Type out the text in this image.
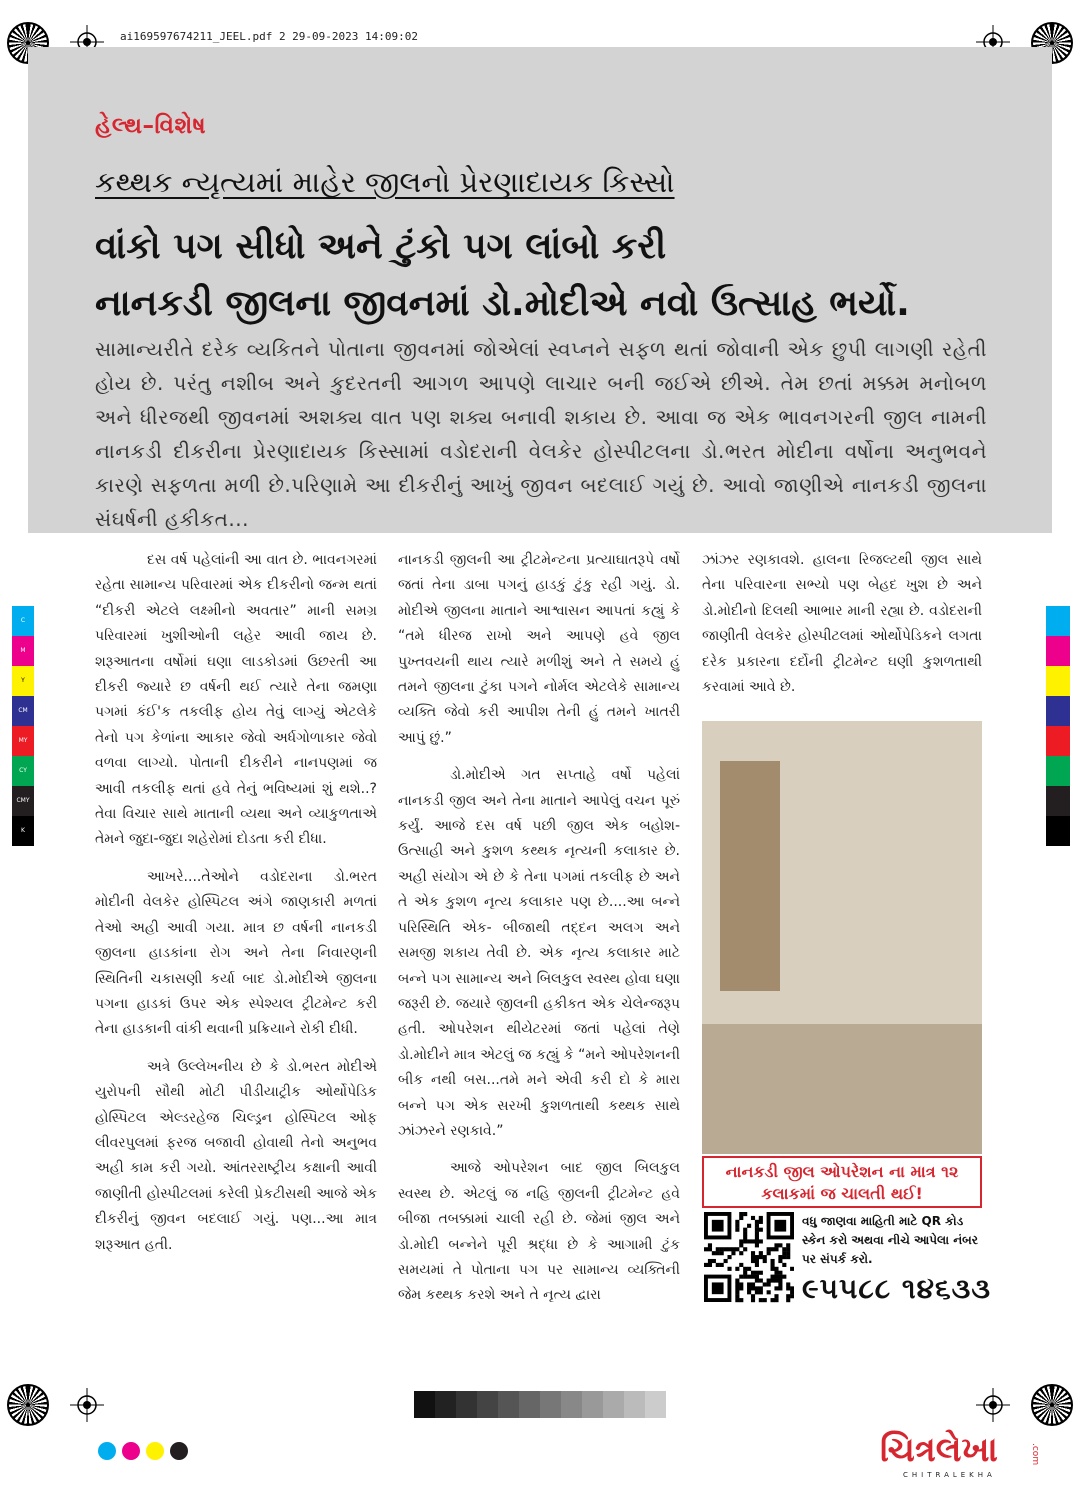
ai169597674211_JEEL.pdf 2 29-09-2023 14:09:02
C
M
Y
CM
MY
CY
CMY
K
હેલ્થ–વિશેષ
કથ્થક ન્યૃત્યમાં માહેર જીલનો પ્રેરણાદાયક કિસ્સો
વાંકો પગ સીધો અને ટુંકો પગ લાંબો કરી
નાનકડી જીલના જીવનમાં ડો.મોદીએ નવો ઉત્સાહ ભર્યો.
સામાન્યરીતે દરેક વ્યકિતને પોતાના જીવનમાં જોએલાં સ્વપ્નને સફળ થતાં જોવાની એક છુપી લાગણી રહેતી હોય છે. પરંતુ નશીબ અને કુદરતની આગળ આપણે લાચાર બની જઈએ છીએ. તેમ છતાં મક્કમ મનોબળ અને ધીરજથી જીવનમાં અશક્ય વાત પણ શક્ય બનાવી શકાય છે. આવા જ એક ભાવનગરની જીલ નામની નાનકડી દીકરીના પ્રેરણાદાયક કિસ્સામાં વડોદરાની વેલકેર હોસ્પીટલના ડો.ભરત મોદીના વર્ષોના અનુભવને કારણે સફળતા મળી છે.પરિણામે આ દીકરીનું આખું જીવન બદલાઈ ગયું છે. આવો જાણીએ નાનકડી જીલના સંઘર્ષની હકીકત...

દસ વર્ષ પહેલાંની આ વાત છે. ભાવનગરમાં રહેતા સામાન્ય પરિવારમાં એક દીકરીનો જન્મ થતાં “દીકરી એટલે લક્ષ્મીનો અવતાર” માની સમગ્ર પરિવારમાં ખુશીઓની લહેર આવી જાય છે. શરૂઆતના વર્ષોમાં ઘણા લાડકોડમાં ઉછરતી આ દીકરી જ્યારે છ વર્ષની થઈ ત્યારે તેના જમણા પગમાં કંઈ'ક તકલીફ હોય તેવું લાગ્યું એટલેકે તેનો પગ કેળાંના આકાર જેવો અર્ધગોળાકાર જેવો વળવા લાગ્યો. પોતાની દીકરીને નાનપણમાં જ આવી તકલીફ થતાં હવે તેનું ભવિષ્યમાં શું થશે..? તેવા વિચાર સાથે માતાની વ્યથા અને વ્યાકુળતાએ તેમને જુદા-જુદા શહેરોમાં દોડતા કરી દીધા.

આખરે....તેઓને વડોદરાના ડો.ભરત મોદીની વેલકેર હોસ્પિટલ અંગે જાણકારી મળતાં તેઓ અહી આવી ગયા. માત્ર છ વર્ષની નાનકડી જીલના હાડકાંના રોગ અને તેના નિવારણની સ્થિતિની ચકાસણી કર્યા બાદ ડો.મોદીએ જીલના પગના હાડકાં ઉપર એક સ્પેશ્યલ ટ્રીટમેન્ટ કરી તેના હાડકાની વાંકી થવાની પ્રક્રિયાને રોકી દીધી.

અત્રે ઉલ્લેખનીય છે કે ડો.ભરત મોદીએ યુરોપની સૌથી મોટી પીડીયાટ્રીક ઓર્થોપેડિક હોસ્પિટલ એલ્ડરહેજ ચિલ્ડ્રન હોસ્પિટલ ઓફ લીવરપુલમાં ફરજ બજાવી હોવાથી તેનો અનુભવ અહી કામ કરી ગયો. આંતરરાષ્ટ્રીય કક્ષાની આવી જાણીતી હોસ્પીટલમાં કરેલી પ્રેકટીસથી આજે એક દીકરીનું જીવન બદલાઈ ગયું. પણ...આ માત્ર શરૂઆત હતી.

નાનકડી જીલની આ ટ્રીટમેન્ટના પ્રત્યાઘાતરૂપે વર્ષો જતાં તેના ડાબા પગનું હાડકું ટુંકુ રહી ગયું. ડો. મોદીએ જીલના માતાને આશ્વાસન આપતાં કહ્યું કે “તમે ધીરજ રાખો અને આપણે હવે જીલ પુખ્તવયની થાય ત્યારે મળીશું અને તે સમયે હું તમને જીલના ટુંકા પગને નોર્મલ એટલેકે સામાન્ય વ્યક્તિ જેવો કરી આપીશ તેની હું તમને ખાતરી આપું છું.”

ડો.મોદીએ ગત સપ્તાહે વર્ષો પહેલાં નાનકડી જીલ અને તેના માતાને આપેલું વચન પૂરું કર્યું. આજે દસ વર્ષ પછી જીલ એક બહોશ- ઉત્સાહી અને કુશળ કથ્થક નૃત્યની કલાકાર છે. અહી સંયોગ એ છે કે તેના પગમાં તકલીફ છે અને તે એક કુશળ નૃત્ય કલાકાર પણ છે....આ બન્ને પરિસ્થિતિ એક- બીજાથી તદ્દન અલગ અને સમજી શકાય તેવી છે. એક નૃત્ય કલાકાર માટે બન્ને પગ સામાન્ય અને બિલકુલ સ્વસ્થ હોવા ઘણા જરૂરી છે. જયારે જીલની હકીકત એક ચેલેન્જરૂપ હતી. ઓપરેશન થીયેટરમાં જતાં પહેલાં તેણે ડો.મોદીને માત્ર એટલું જ કહ્યું કે “મને ઓપરેશનની બીક નથી બસ...તમે મને એવી કરી દો કે મારા બન્ને પગ એક સરખી કુશળતાથી કથ્થક સાથે ઝાંઝરને રણકાવે.”

આજે ઓપરેશન બાદ જીલ બિલકુલ સ્વસ્થ છે. એટલું જ નહિ જીલની ટ્રીટમેન્ટ હવે બીજા તબક્કામાં ચાલી રહી છે. જેમાં જીલ અને ડો.મોદી બન્નેને પૂરી શ્રદ્ધા છે કે આગામી ટુંક સમયમાં તે પોતાના પગ પર સામાન્ય વ્યક્તિની જેમ કથ્થક કરશે અને તે નૃત્ય દ્વારા

ઝાંઝર રણકાવશે. હાલના રિજલ્ટથી જીલ સાથે તેના પરિવારના સભ્યો પણ બેહદ ખુશ છે અને ડો.મોદીનો દિલથી આભાર માની રહ્યા છે. વડોદરાની જાણીતી વેલકેર હોસ્પીટલમાં ઓર્થોપેડિકને લગતા દરેક પ્રકારના દર્દોની ટ્રીટમેન્ટ ઘણી કુશળતાથી કરવામાં આવે છે.

નાનકડી જીલ ઓપરેશન ના માત્ર ૧૨ કલાકમાં જ ચાલતી થઈ!
વધુ જાણવા માહિતી માટે QR કોડ સ્કેન કરો અથવા નીચે આપેલા નંબર પર સંપર્ક કરો.
૯૫૫૮૮ ૧૪૬૩૩
ચિત્રલેખા	.com
CHITRALEKHA
